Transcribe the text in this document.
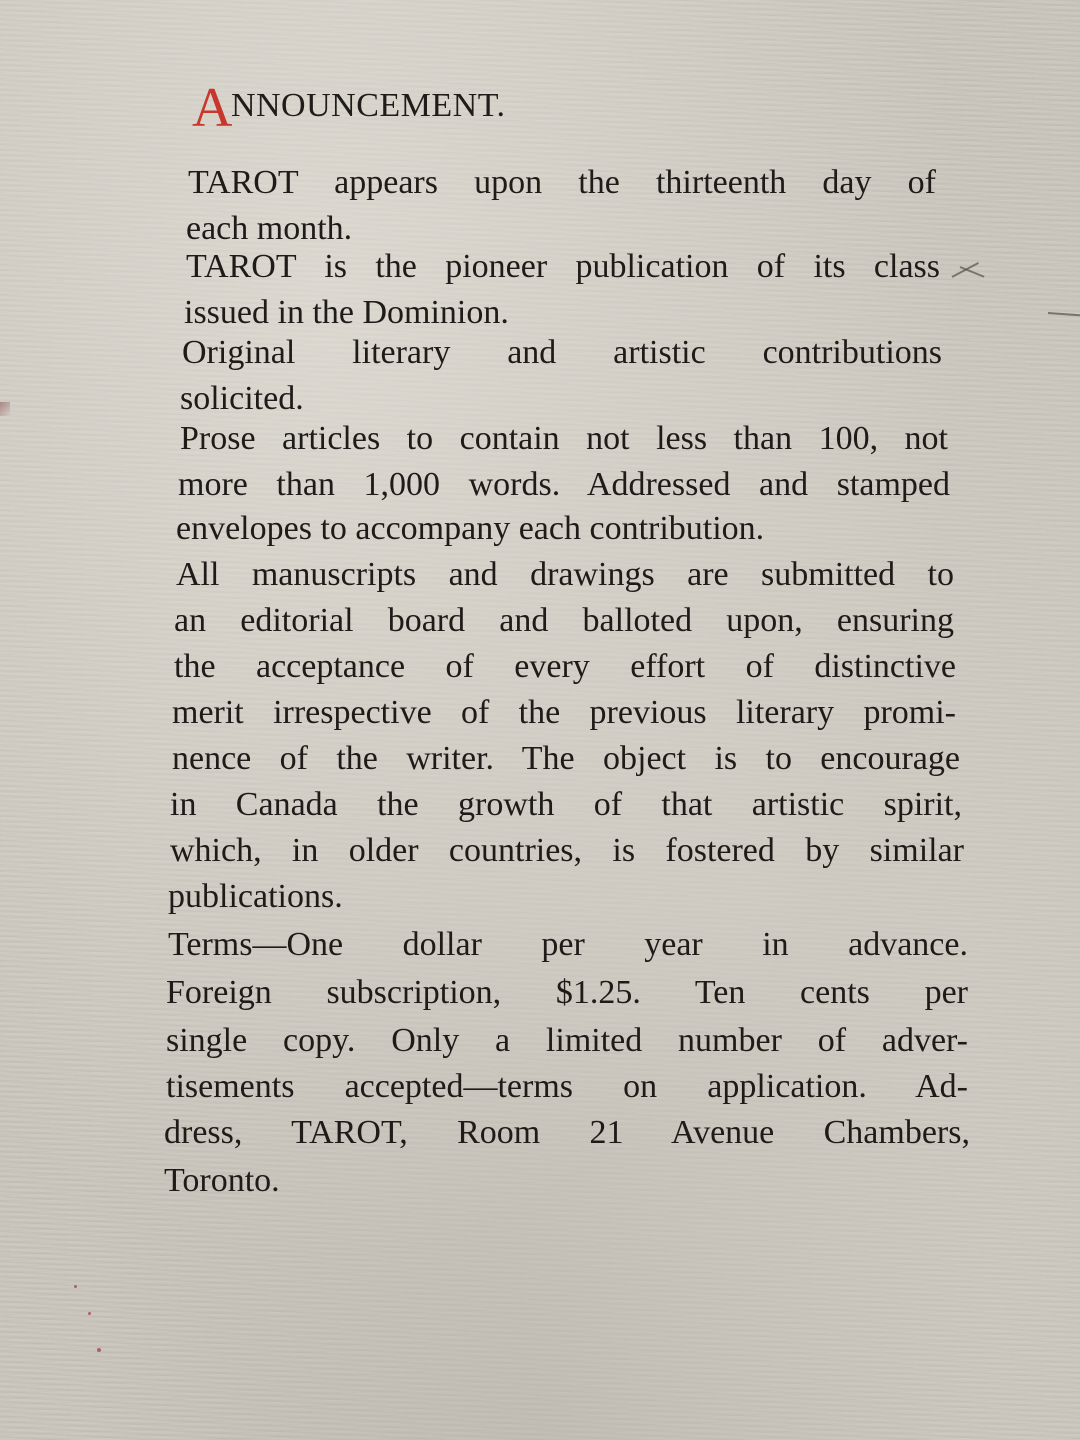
ANNOUNCEMENT.
TAROT appears upon the thirteenth day of
each month.
TAROT is the pioneer publication of its class
issued in the Dominion.
Original literary and artistic contributions
solicited.
Prose articles to contain not less than 100, not
more than 1,000 words. Addressed and stamped
envelopes to accompany each contribution.
All manuscripts and drawings are submitted to
an editorial board and balloted upon, ensuring
the acceptance of every effort of distinctive
merit irrespective of the previous literary promi-
nence of the writer. The object is to encourage
in Canada the growth of that artistic spirit,
which, in older countries, is fostered by similar
publications.
Terms—One dollar per year in advance.
Foreign subscription, $1.25. Ten cents per
single copy. Only a limited number of adver-
tisements accepted—terms on application. Ad-
dress, TAROT, Room 21 Avenue Chambers,
Toronto.
